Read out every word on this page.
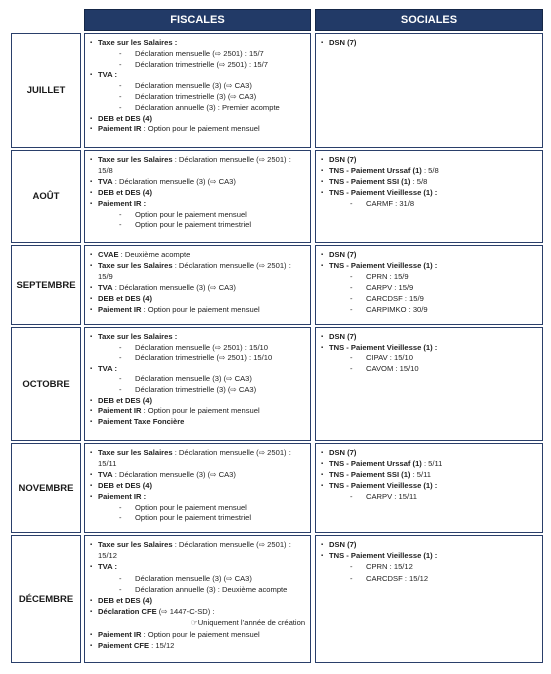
FISCALES	SOCIALES
JUILLET
▪ Taxe sur les Salaires :
- Déclaration mensuelle (⇨ 2501) : 15/7
- Déclaration trimestrielle (⇨ 2501) : 15/7
▪ TVA :
- Déclaration mensuelle (3) (⇨ CA3)
- Déclaration trimestrielle (3) (⇨ CA3)
- Déclaration annuelle (3) : Premier acompte
▪ DEB et DES (4)
▪ Paiement IR : Option pour le paiement mensuel
▪ DSN (7)
AOÛT
▪ Taxe sur les Salaires : Déclaration mensuelle (⇨ 2501) :
15/8
▪ TVA : Déclaration mensuelle (3) (⇨ CA3)
▪ DEB et DES (4)
▪ Paiement IR :
- Option pour le paiement mensuel
- Option pour le paiement trimestriel
▪ DSN (7)
▪ TNS - Paiement Urssaf (1) : 5/8
▪ TNS - Paiement SSI (1) : 5/8
▪ TNS - Paiement Vieillesse (1) :
- CARMF : 31/8
SEPTEMBRE
▪ CVAE : Deuxième acompte
▪ Taxe sur les Salaires : Déclaration mensuelle (⇨ 2501) :
15/9
▪ TVA : Déclaration mensuelle (3) (⇨ CA3)
▪ DEB et DES (4)
▪ Paiement IR : Option pour le paiement mensuel
▪ DSN (7)
▪ TNS - Paiement Vieillesse (1) :
- CPRN : 15/9
- CARPV : 15/9
- CARCDSF : 15/9
- CARPIMKO : 30/9
OCTOBRE
▪ Taxe sur les Salaires :
- Déclaration mensuelle (⇨ 2501) : 15/10
- Déclaration trimestrielle (⇨ 2501) : 15/10
▪ TVA :
- Déclaration mensuelle (3) (⇨ CA3)
- Déclaration trimestrielle (3) (⇨ CA3)
▪ DEB et DES (4)
▪ Paiement IR : Option pour le paiement mensuel
▪ Paiement Taxe Foncière
▪ DSN (7)
▪ TNS - Paiement Vieillesse (1) :
- CIPAV : 15/10
- CAVOM : 15/10
NOVEMBRE
▪ Taxe sur les Salaires : Déclaration mensuelle (⇨ 2501) :
15/11
▪ TVA : Déclaration mensuelle (3) (⇨ CA3)
▪ DEB et DES (4)
▪ Paiement IR :
- Option pour le paiement mensuel
- Option pour le paiement trimestriel
▪ DSN (7)
▪ TNS - Paiement Urssaf (1) : 5/11
▪ TNS - Paiement SSI (1) : 5/11
▪ TNS - Paiement Vieillesse (1) :
- CARPV : 15/11
DÉCEMBRE
▪ Taxe sur les Salaires : Déclaration mensuelle (⇨ 2501) :
15/12
▪ TVA :
- Déclaration mensuelle (3) (⇨ CA3)
- Déclaration annuelle (3) : Deuxième acompte
▪ DEB et DES (4)
▪ Déclaration CFE (⇨ 1447-C-SD) :
☞Uniquement l’année de création
▪ Paiement IR : Option pour le paiement mensuel
▪ Paiement CFE : 15/12
▪ DSN (7)
▪ TNS - Paiement Vieillesse (1) :
- CPRN : 15/12
- CARCDSF : 15/12
